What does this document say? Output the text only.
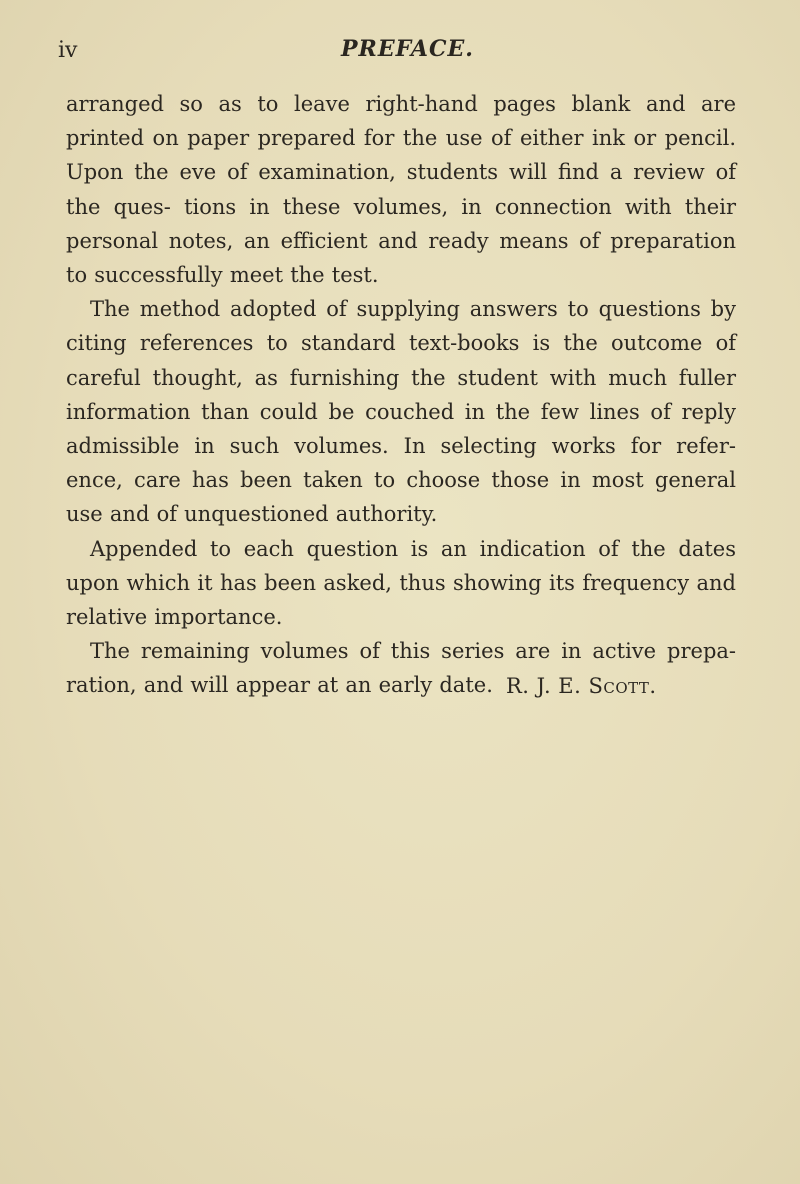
iv	PREFACE.

arranged so as to leave right-hand pages blank and are printed on paper prepared for the use of either ink or pencil. Upon the eve of examination, students will find a review of the ques- tions in these volumes, in connection with their personal notes, an efficient and ready means of preparation to successfully meet the test.

The method adopted of supplying answers to questions by citing references to standard text-books is the outcome of careful thought, as furnishing the student with much fuller information than could be couched in the few lines of reply admissible in such volumes. In selecting works for refer- ence, care has been taken to choose those in most general use and of unquestioned authority.

Appended to each question is an indication of the dates upon which it has been asked, thus showing its frequency and relative importance.

The remaining volumes of this series are in active prepa- ration, and will appear at an early date. R. J. E. Scott.
